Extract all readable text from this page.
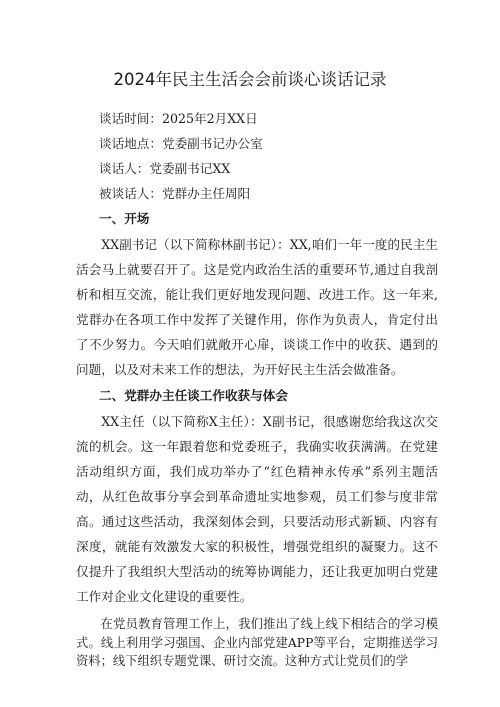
2024年民主生活会会前谈心谈话记录
谈话时间：2025年2月XX日
谈话地点：党委副书记办公室
谈话人：党委副书记XX
被谈话人：党群办主任周阳
一、开场

XX副书记（以下简称林副书记）：XX,咱们一年一度的民主生活会马上就要召开了。这是党内政治生活的重要环节,通过自我剖析和相互交流，能让我们更好地发现问题、改进工作。这一年来,党群办在各项工作中发挥了关键作用，你作为负责人，肯定付出了不少努力。今天咱们就敞开心扉，谈谈工作中的收获、遇到的问题，以及对未来工作的想法，为开好民主生活会做准备。

二、党群办主任谈工作收获与体会

XX主任（以下简称X主任）：X副书记，很感谢您给我这次交流的机会。这一年跟着您和党委班子，我确实收获满满。在党建活动组织方面，我们成功举办了“红色精神永传承”系列主题活动，从红色故事分享会到革命遗址实地参观，员工们参与度非常高。通过这些活动，我深刻体会到，只要活动形式新颖、内容有深度，就能有效激发大家的积极性，增强党组织的凝聚力。这不仅提升了我组织大型活动的统筹协调能力，还让我更加明白党建工作对企业文化建设的重要性。

在党员教育管理工作上，我们推出了线上线下相结合的学习模式。线上利用学习强国、企业内部党建APP等平台，定期推送学习资料；线下组织专题党课、研讨交流。这种方式让党员们的学
